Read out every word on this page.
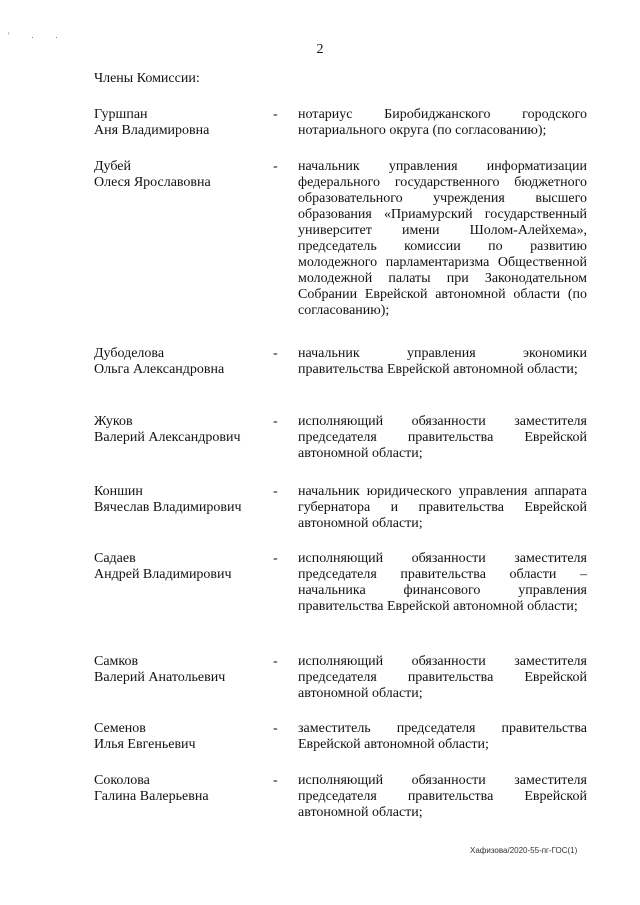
' . .
2
Члены Комиссии:
Гуршпан
Аня Владимировна
- нотариус Биробиджанского городского нотариального округа (по согласованию);
Дубей
Олеся Ярославовна
- начальник управления информатизации федерального государственного бюджетного образовательного учреждения высшего образования «Приамурский государственный университет имени Шолом-Алейхема», председатель комиссии по развитию молодежного парламентаризма Общественной молодежной палаты при Законодательном Собрании Еврейской автономной области (по согласованию);
Дубоделова
Ольга Александровна
- начальник управления экономики правительства Еврейской автономной области;
Жуков
Валерий Александрович
- исполняющий обязанности заместителя председателя правительства Еврейской автономной области;
Коншин
Вячеслав Владимирович
- начальник юридического управления аппарата губернатора и правительства Еврейской автономной области;
Садаев
Андрей Владимирович
- исполняющий обязанности заместителя председателя правительства области – начальника финансового управления правительства Еврейской автономной области;
Самков
Валерий Анатольевич
- исполняющий обязанности заместителя председателя правительства Еврейской автономной области;
Семенов
Илья Евгеньевич
- заместитель председателя правительства Еврейской автономной области;
Соколова
Галина Валерьевна
- исполняющий обязанности заместителя председателя правительства Еврейской автономной области;
Хафизова/2020-55-пг-ГОС(1)
